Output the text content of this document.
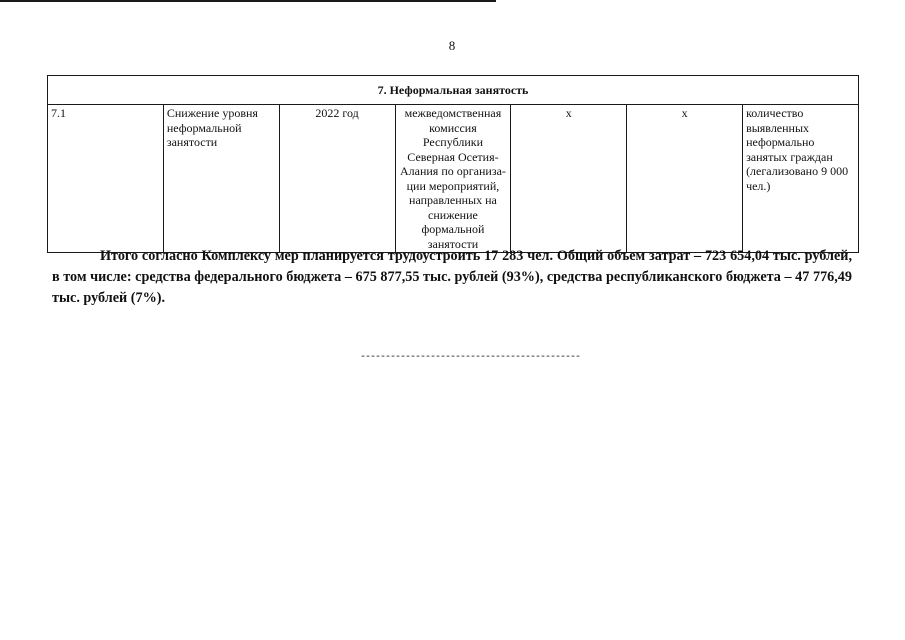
8
7. Неформальная занятость
7.1	Снижение уровня неформальной занятости	2022 год	межведомственная комиссия Республики Северная Осетия-Алания по организа-ции мероприятий, направленных на снижение формальной занятости	х	х	количество выявленных неформально занятых граждан (легализовано 9 000 чел.)
Итого согласно Комплексу мер планируется трудоустроить 17 283 чел. Общий объем затрат – 723 654,04 тыс. рублей, в том числе: средства федерального бюджета – 675 877,55 тыс. рублей (93%), средства республиканского бюджета – 47 776,49 тыс. рублей (7%).
--------------------------------------------
